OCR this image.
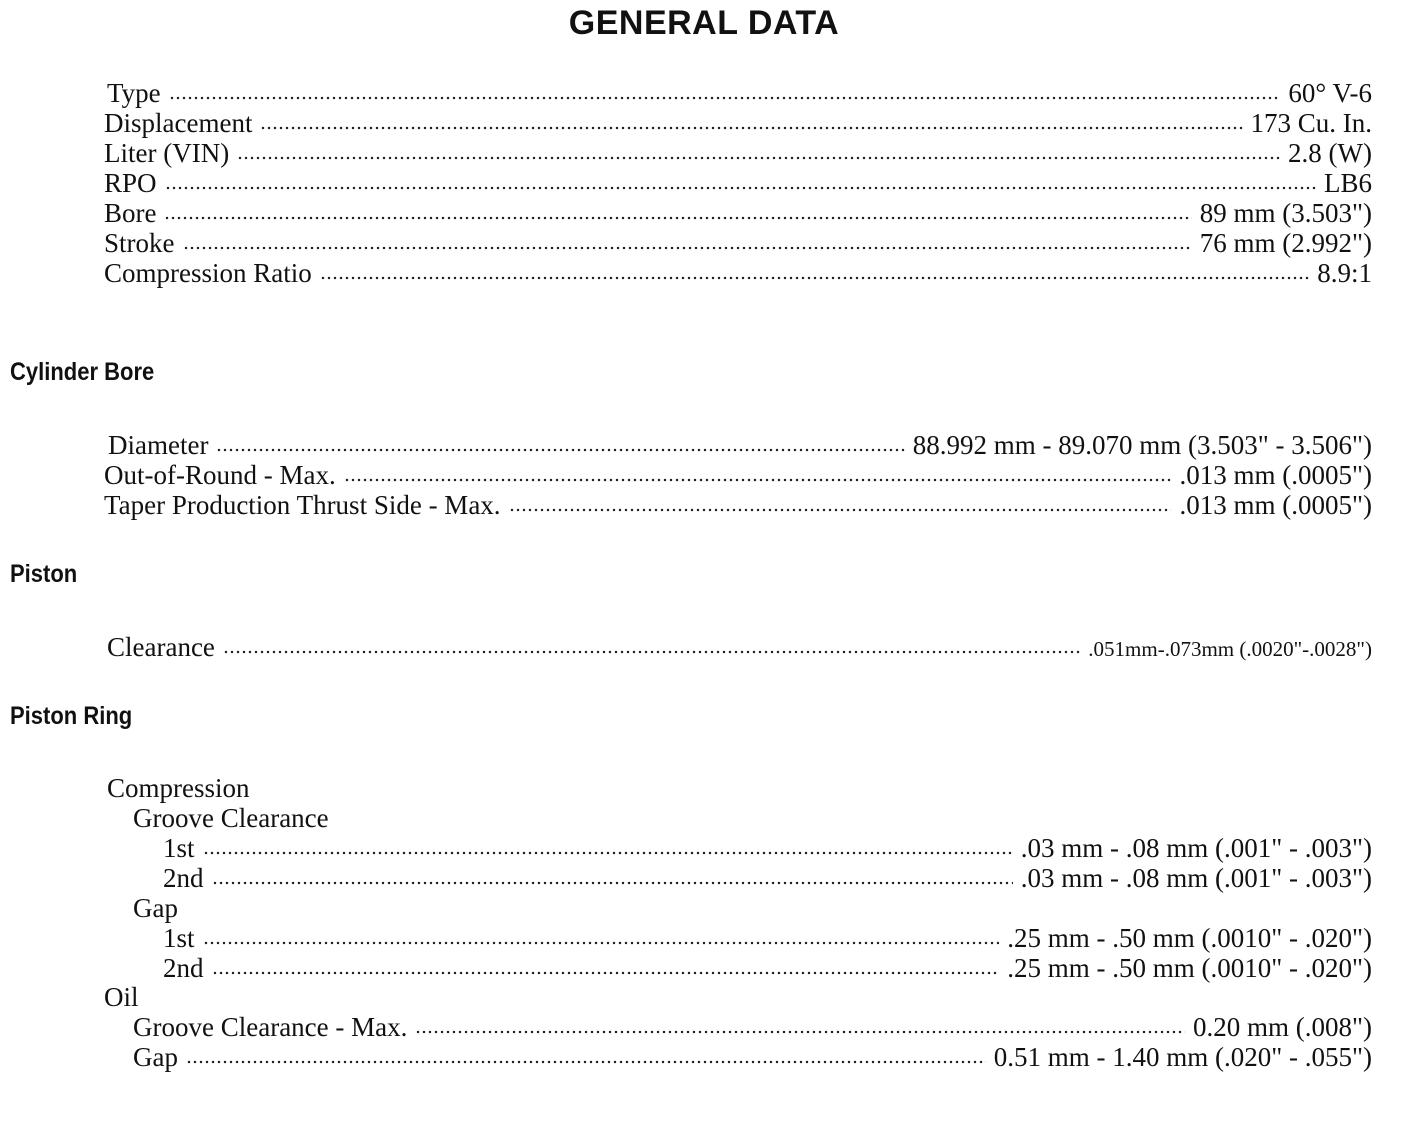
GENERAL DATA
Type	60° V-6
Displacement	173 Cu. In.
Liter (VIN)	2.8 (W)
RPO	LB6
Bore	89 mm (3.503")
Stroke	76 mm (2.992")
Compression Ratio	8.9:1
Cylinder Bore
Diameter	88.992 mm - 89.070 mm (3.503" - 3.506")
Out-of-Round - Max.	.013 mm (.0005")
Taper Production Thrust Side - Max.	.013 mm (.0005")
Piston
Clearance	.051mm-.073mm (.0020"-.0028")
Piston Ring
Compression
Groove Clearance
1st	.03 mm - .08 mm (.001" - .003")
2nd	.03 mm - .08 mm (.001" - .003")
Gap
1st	.25 mm - .50 mm (.0010" - .020")
2nd	.25 mm - .50 mm (.0010" - .020")
Oil
Groove Clearance - Max.	0.20 mm (.008")
Gap	0.51 mm - 1.40 mm (.020" - .055")
